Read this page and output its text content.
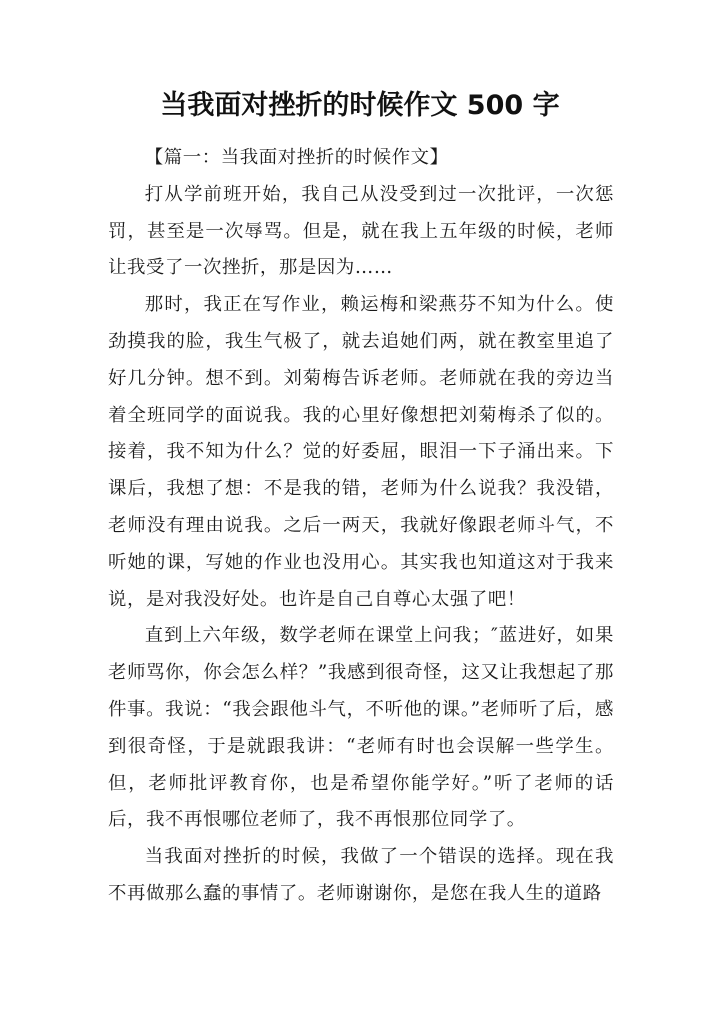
当我面对挫折的时候作文 500 字

【篇一：当我面对挫折的时候作文】

打从学前班开始，我自己从没受到过一次批评，一次惩罚，甚至是一次辱骂。但是，就在我上五年级的时候，老师让我受了一次挫折，那是因为……

那时，我正在写作业，赖运梅和梁燕芬不知为什么。使劲摸我的脸，我生气极了，就去追她们两，就在教室里追了好几分钟。想不到。刘菊梅告诉老师。老师就在我的旁边当着全班同学的面说我。我的心里好像想把刘菊梅杀了似的。接着，我不知为什么？觉的好委屈，眼泪一下子涌出来。下课后，我想了想：不是我的错，老师为什么说我？我没错，老师没有理由说我。之后一两天，我就好像跟老师斗气，不听她的课，写她的作业也没用心。其实我也知道这对于我来说，是对我没好处。也许是自己自尊心太强了吧！

直到上六年级，数学老师在课堂上问我；″蓝进好，如果老师骂你，你会怎么样？”我感到很奇怪，这又让我想起了那件事。我说：“我会跟他斗气，不听他的课。”老师听了后，感到很奇怪，于是就跟我讲：“老师有时也会误解一些学生。但，老师批评教育你，也是希望你能学好。”听了老师的话后，我不再恨哪位老师了，我不再恨那位同学了。

当我面对挫折的时候，我做了一个错误的选择。现在我不再做那么蠢的事情了。老师谢谢你，是您在我人生的道路
